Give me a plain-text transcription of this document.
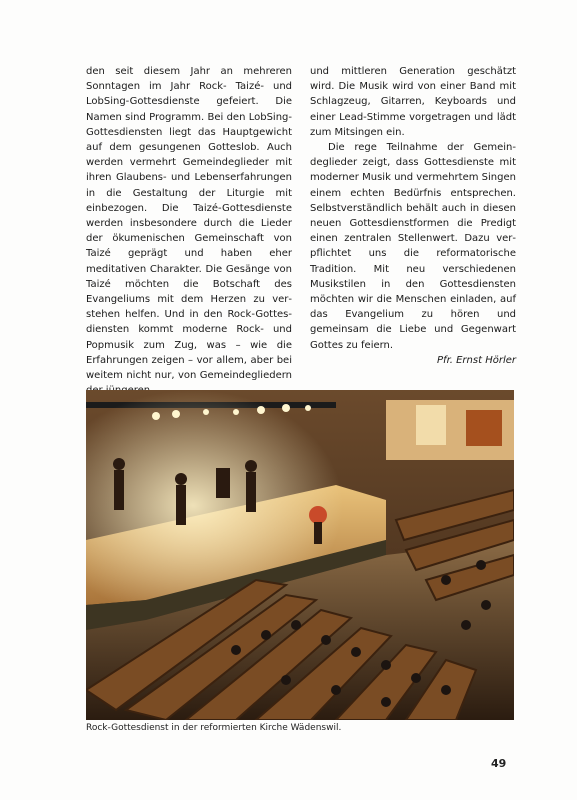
den seit diesem Jahr an mehreren Sonntagen im Jahr Rock- Taizé- und LobSing-Gottesdienste gefeiert. Die Namen sind Programm. Bei den LobSing-Gottesdiensten liegt das Hauptgewicht auf dem gesungenen Gotteslob. Auch werden vermehrt Gemeindeglieder mit ihren Glaubens- und Lebenserfahrungen in die Gestaltung der Liturgie mit einbezogen. Die Taizé-Gottesdienste werden insbesondere durch die Lieder der ökumenischen Gemeinschaft von Taizé geprägt und haben eher meditativen Charakter. Die Gesänge von Taizé möchten die Botschaft des Evangeliums mit dem Herzen zu verstehen helfen. Und in den Rock-Gottesdiensten kommt moderne Rock- und Popmusik zum Zug, was – wie die Erfahrungen zeigen – vor allem, aber bei weitem nicht nur, von Gemeindegliedern

und mittleren Generation geschätzt wird. Die Musik wird von einer Band mit Schlagzeug, Gitarren, Keyboards und einer Lead-Stimme vorgetragen und lädt zum Mitsingen ein.

Die rege Teilnahme der Gemeindeglieder zeigt, dass Gottesdienste mit moderner Musik und vermehrtem Singen einem echten Bedürfnis entsprechen. Selbstverständlich behält auch in diesen neuen Gottesdienstformen die Predigt einen zentralen Stellenwert. Dazu verpflichtet uns die reformatorische Tradition. Mit neu verschiedenen Musikstilen in den Gottesdiensten möchten wir die Menschen einladen, auf das Evangelium zu hören und gemeinsam die Liebe und Gegenwart Gottes zu feiern.

Pfr. Ernst Hörler

Rock-Gottesdienst in der reformierten Kirche Wädenswil.
49
